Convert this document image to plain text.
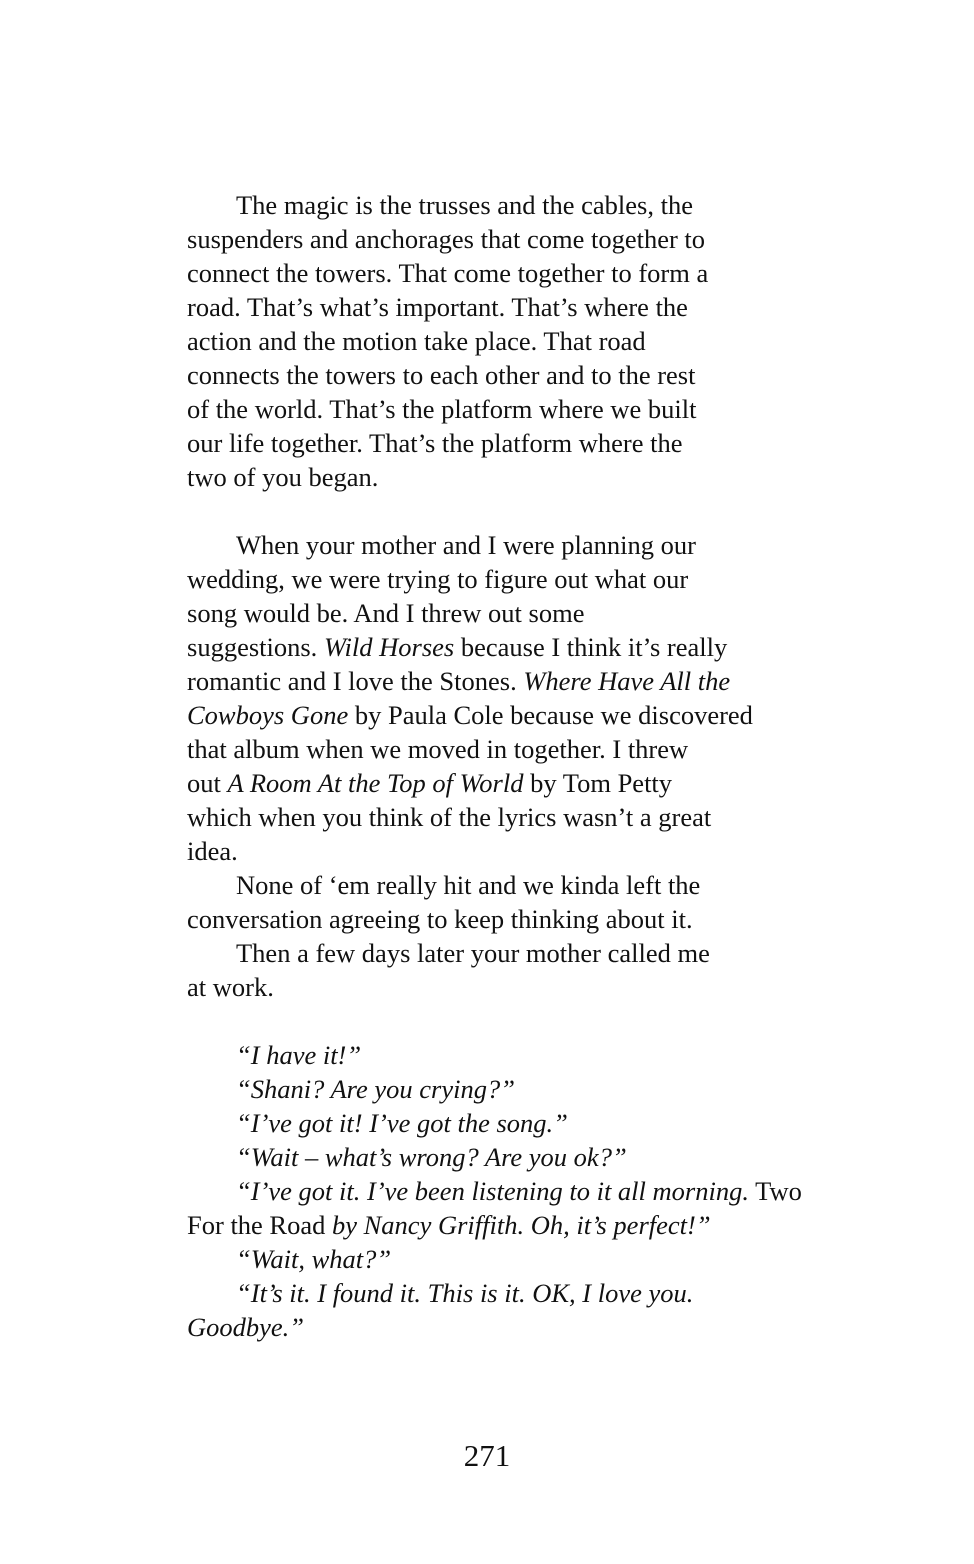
The magic is the trusses and the cables, the
suspenders and anchorages that come together to
connect the towers. That come together to form a
road. That’s what’s important. That’s where the
action and the motion take place. That road
connects the towers to each other and to the rest
of the world. That’s the platform where we built
our life together. That’s the platform where the
two of you began.
When your mother and I were planning our
wedding, we were trying to figure out what our
song would be. And I threw out some
suggestions. Wild Horses because I think it’s really
romantic and I love the Stones. Where Have All the
Cowboys Gone by Paula Cole because we discovered
that album when we moved in together. I threw
out A Room At the Top of World by Tom Petty
which when you think of the lyrics wasn’t a great
idea.
None of ‘em really hit and we kinda left the
conversation agreeing to keep thinking about it.
Then a few days later your mother called me
at work.
“I have it!”
“Shani? Are you crying?”
“I’ve got it! I’ve got the song.”
“Wait – what’s wrong? Are you ok?”
“I’ve got it. I’ve been listening to it all morning. Two
For the Road by Nancy Griffith. Oh, it’s perfect!”
“Wait, what?”
“It’s it. I found it. This is it. OK, I love you.
Goodbye.”
271
